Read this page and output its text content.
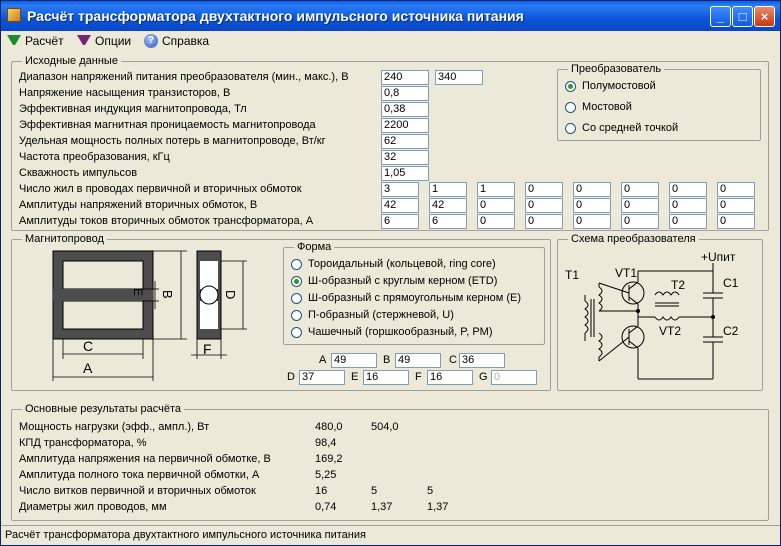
Расчёт трансформатора двухтактного импульсного источника питания	_	□	×
Расчёт	Опции	? Справка
Исходные данные
Преобразователь
Магнитопровод
E B
C
A
D
F
Форма
Схема преобразователя
T1	VT1
T2
VT2
C1
C2
+Uпит
Основные результаты расчёта
Расчёт трансформатора двухтактного импульсного источника питания
Диапазон напряжений питания преобразователя (мин., макс.), В	240	340
Напряжение насыщения транзисторов, В	0,8
Эффективная индукция магнитопровода, Тл	0,38
Эффективная магнитная проницаемость магнитопровода	2200
Удельная мощность полных потерь в магнитопроводе, Вт/кг	62
Частота преобразования, кГц	32
Скважность импульсов	1,05
Число жил в проводах первичной и вторичных обмоток	3	1	1	0	0	0	0	0
Амплитуды напряжений вторичных обмоток, В	42	42	0	0	0	0	0	0
Амплитуды токов вторичных обмоток трансформатора, А	6	6	0	0	0	0	0	0
Полумостовой
Мостовой
Со средней точкой
Тороидальный (кольцевой, ring core)
Ш-образный с круглым керном (ETD)
Ш-образный с прямоугольным керном (E)
П-образный (стержневой, U)
Чашечный (горшкообразный, P, PM)
A 49	B 49	C 36
D 37	E 16	F 16	G 0
Мощность нагрузки (эфф., ампл.), Вт	480,0	504,0
КПД трансформатора, %	98,4
Амплитуда напряжения на первичной обмотке, В	169,2
Амплитуда полного тока первичной обмотки, А	5,25
Число витков первичной и вторичных обмоток	16	5	5
Диаметры жил проводов, мм	0,74	1,37	1,37
